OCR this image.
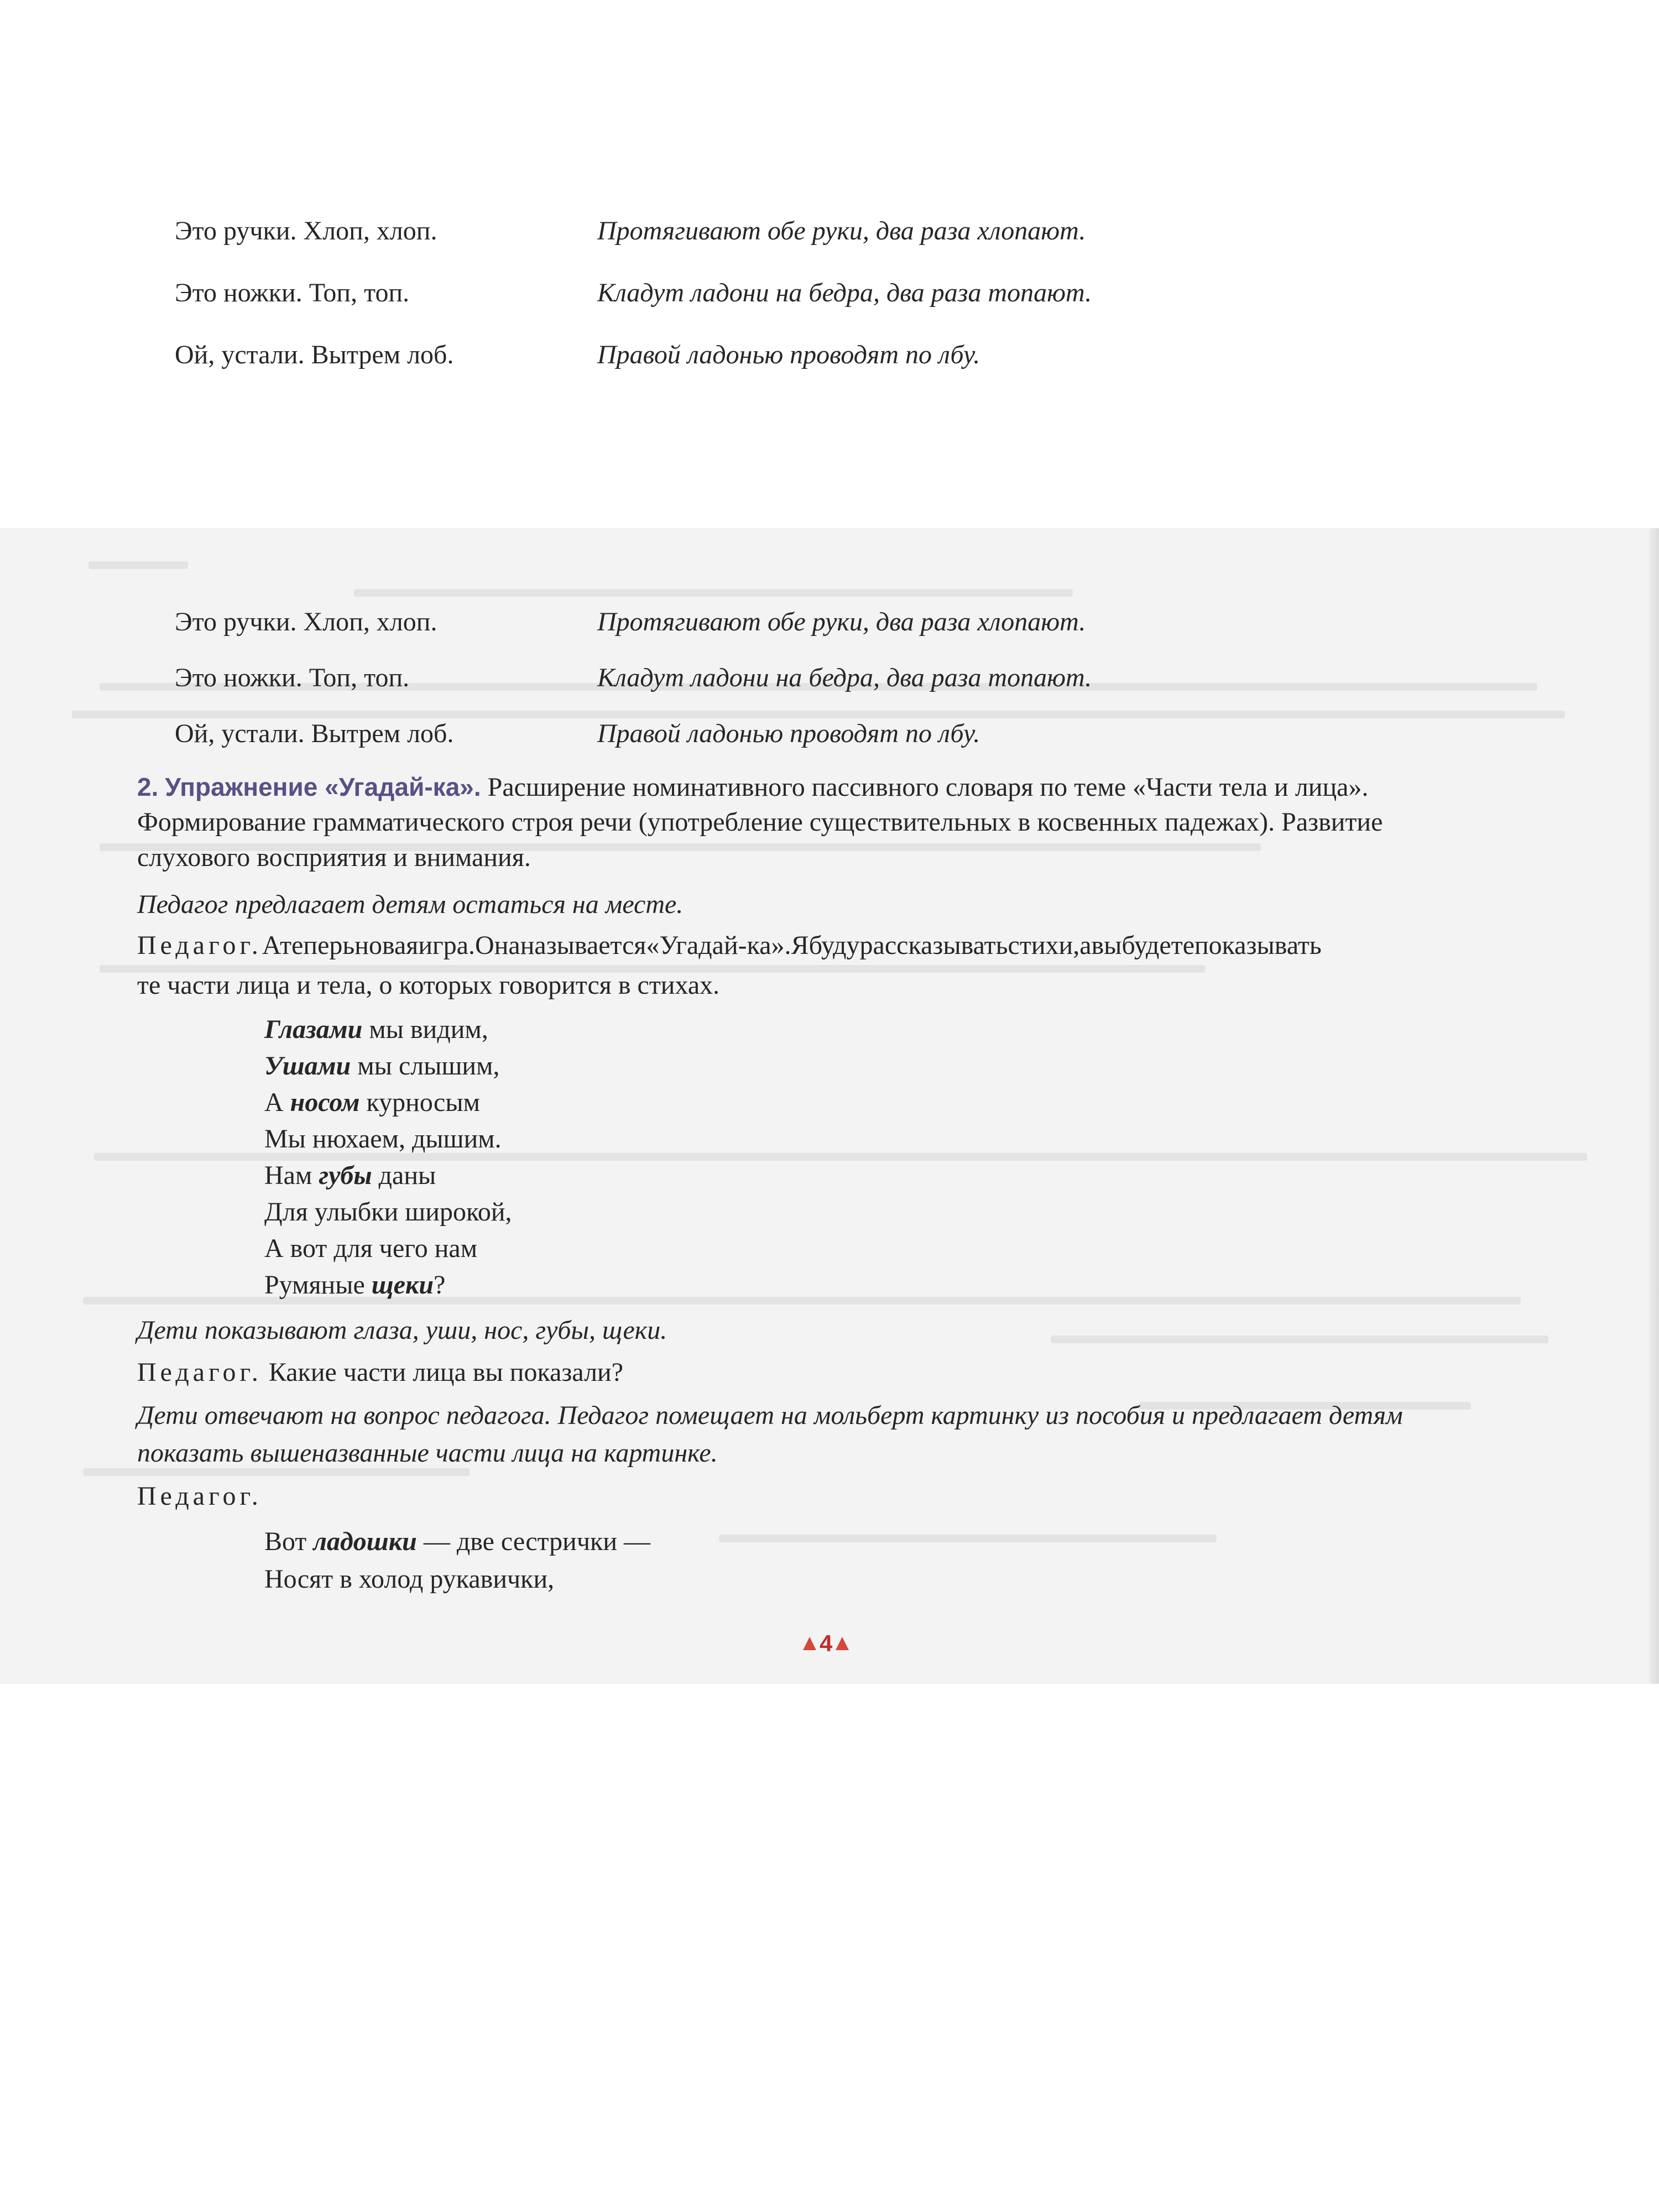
Это ручки. Хлоп, хлоп.	Протягивают обе руки, два раза хлопают.
Это ножки. Топ, топ.	Кладут ладони на бедра, два раза топают.
Ой, устали. Вытрем лоб.	Правой ладонью проводят по лбу.
Это ручки. Хлоп, хлоп.	Протягивают обе руки, два раза хлопают.
Это ножки. Топ, топ.	Кладут ладони на бедра, два раза топают.
Ой, устали. Вытрем лоб.	Правой ладонью проводят по лбу.
2. Упражнение «Угадай-ка». Расширение номинативного пассивного словаря по теме «Части тела и лица».
Формирование грамматического строя речи (употребление существительных в косвенных падежах). Развитие
слухового восприятия и внимания.
Педагог предлагает детям остаться на месте.
Педагог.Атеперьноваяигра.Онаназывается«Угадай-ка».Ябудурассказыватьстихи,авыбудетепоказывать
те части лица и тела, о которых говорится в стихах.
Глазами мы видим,
Ушами мы слышим,
А носом курносым
Мы нюхаем, дышим.
Нам губы даны
Для улыбки широкой,
А вот для чего нам
Румяные щеки?
Дети показывают глаза, уши, нос, губы, щеки.
Педагог. Какие части лица вы показали?
Дети отвечают на вопрос педагога. Педагог помещает на мольберт картинку из пособия и предлагает детям
показать вышеназванные части лица на картинке.
Педагог.
Вот ладошки — две сестрички —
Носят в холод рукавички,
4
